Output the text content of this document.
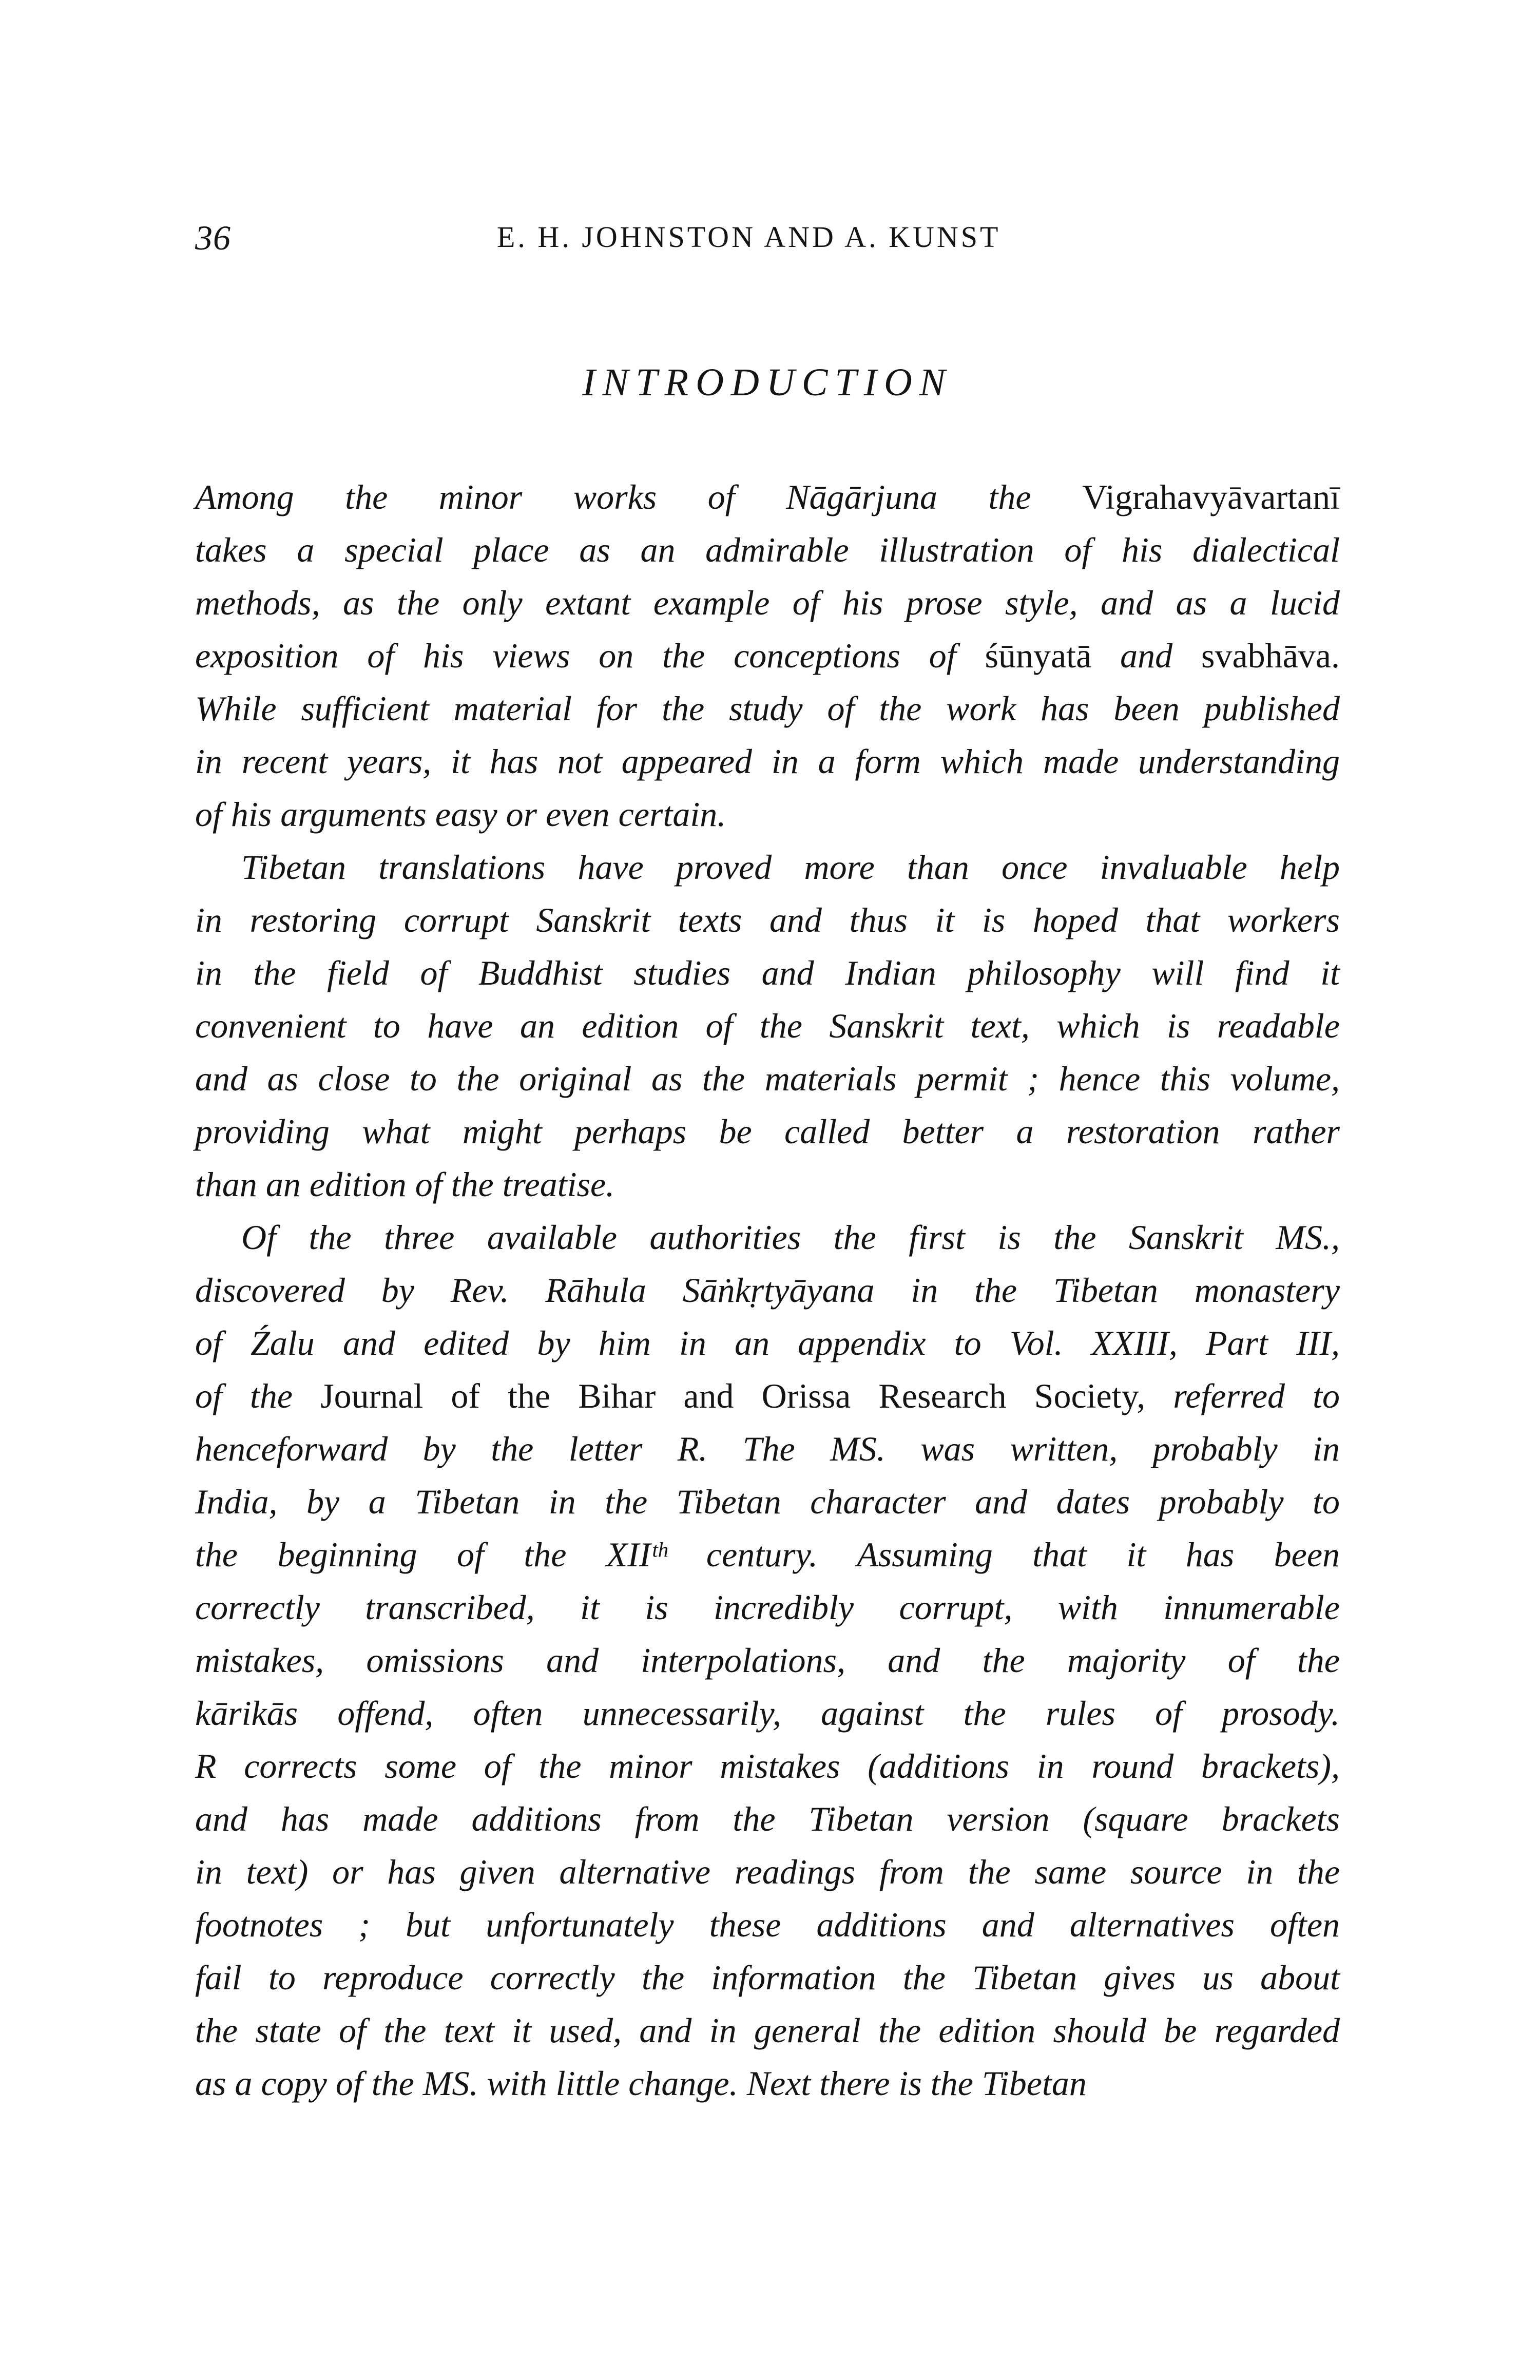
36	E. H. JOHNSTON AND A. KUNST
INTRODUCTION
Among the minor works of Nāgārjuna the Vigrahavyāvartanī
takes a special place as an admirable illustration of his dialectical
methods, as the only extant example of his prose style, and as a lucid
exposition of his views on the conceptions of śūnyatā and svabhāva.
While sufficient material for the study of the work has been published
in recent years, it has not appeared in a form which made understanding
of his arguments easy or even certain.
Tibetan translations have proved more than once invaluable help
in restoring corrupt Sanskrit texts and thus it is hoped that workers
in the field of Buddhist studies and Indian philosophy will find it
convenient to have an edition of the Sanskrit text, which is readable
and as close to the original as the materials permit ; hence this volume,
providing what might perhaps be called better a restoration rather
than an edition of the treatise.
Of the three available authorities the first is the Sanskrit MS.,
discovered by Rev. Rāhula Sāṅkṛtyāyana in the Tibetan monastery
of Źalu and edited by him in an appendix to Vol. XXIII, Part III,
of the Journal of the Bihar and Orissa Research Society, referred to
henceforward by the letter R. The MS. was written, probably in
India, by a Tibetan in the Tibetan character and dates probably to
the beginning of the XIIᵗʰ century. Assuming that it has been
correctly transcribed, it is incredibly corrupt, with innumerable
mistakes, omissions and interpolations, and the majority of the
kārikās offend, often unnecessarily, against the rules of prosody.
R corrects some of the minor mistakes (additions in round brackets),
and has made additions from the Tibetan version (square brackets
in text) or has given alternative readings from the same source in the
footnotes ; but unfortunately these additions and alternatives often
fail to reproduce correctly the information the Tibetan gives us about
the state of the text it used, and in general the edition should be regarded
as a copy of the MS. with little change. Next there is the Tibetan
